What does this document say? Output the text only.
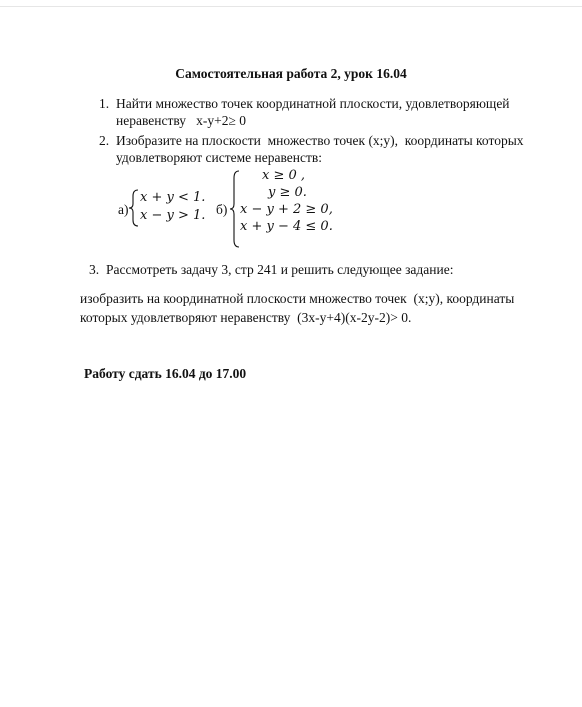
Самостоятельная работа 2, урок 16.04
1. Найти множество точек координатной плоскости, удовлетворяющей
неравенству   x-y+2≥ 0
2. Изобразите на плоскости  множество точек (x;y),  координаты которых
удовлетворяют системе неравенств:
а)
x + y < 1.
x − y > 1. б)
x ≥ 0 ,
y ≥ 0.
x − y + 2 ≥ 0,
x + y − 4 ≤ 0.
3. Рассмотреть задачу 3, стр 241 и решить следующее задание:
изобразить на координатной плоскости множество точек  (x;y), координаты
которых удовлетворяют неравенству  (3x-y+4)(x-2y-2)> 0.
Работу сдать 16.04 до 17.00
